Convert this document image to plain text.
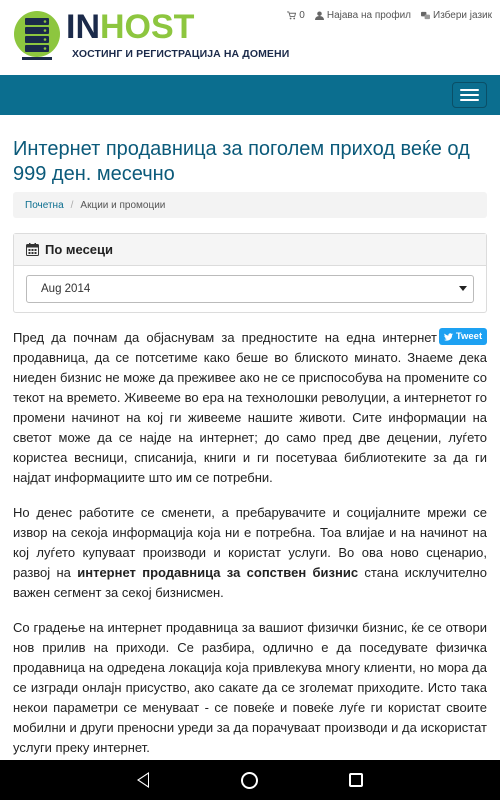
INHOST
ХОСТИНГ И РЕГИСТРАЦИЈА НА ДОМЕНИ
0 Најава на профил Избери јазик
Интернет продавница за поголем приход веќе од 999 ден. месечно
Почетна / Акции и промоции
По месеци
Aug 2014
Tweet

Пред да почнам да објаснувам за предностите на една интернет продавница, да се потсетиме како беше во блиското минато. Знаеме дека ниеден бизнис не може да преживее ако не се приспособува на промените со текот на времето. Живееме во ера на технолошки револуции, а интернетот го промени начинот на кој ги живееме нашите животи. Сите информации на светот може да се најде на интернет; до само пред две децении, луѓето користеа весници, списанија, книги и ги посетуваа библиотеките за да ги најдат информациите што им се потребни.

Но денес работите се сменети, а пребарувачите и социјалните мрежи се извор на секоја информација која ни е потребна. Тоа влијае и на начинот на кој луѓето купуваат производи и користат услуги. Во ова ново сценарио, развој на интернет продавница за сопствен бизнис стана исклучително важен сегмент за секој бизнисмен.

Со градење на интернет продавница за вашиот физички бизнис, ќе се отвори нов прилив на приходи. Се разбира, одлично е да поседувате физичка продавница на одредена локација која привлекува многу клиенти, но мора да се изгради онлајн присуство, ако сакате да се зголемат приходите. Исто така некои параметри се менуваат - се повеќе и повеќе луѓе ги користат своите мобилни и други преносни уреди за да порачуваат производи и да искористат услуги преку интернет.
